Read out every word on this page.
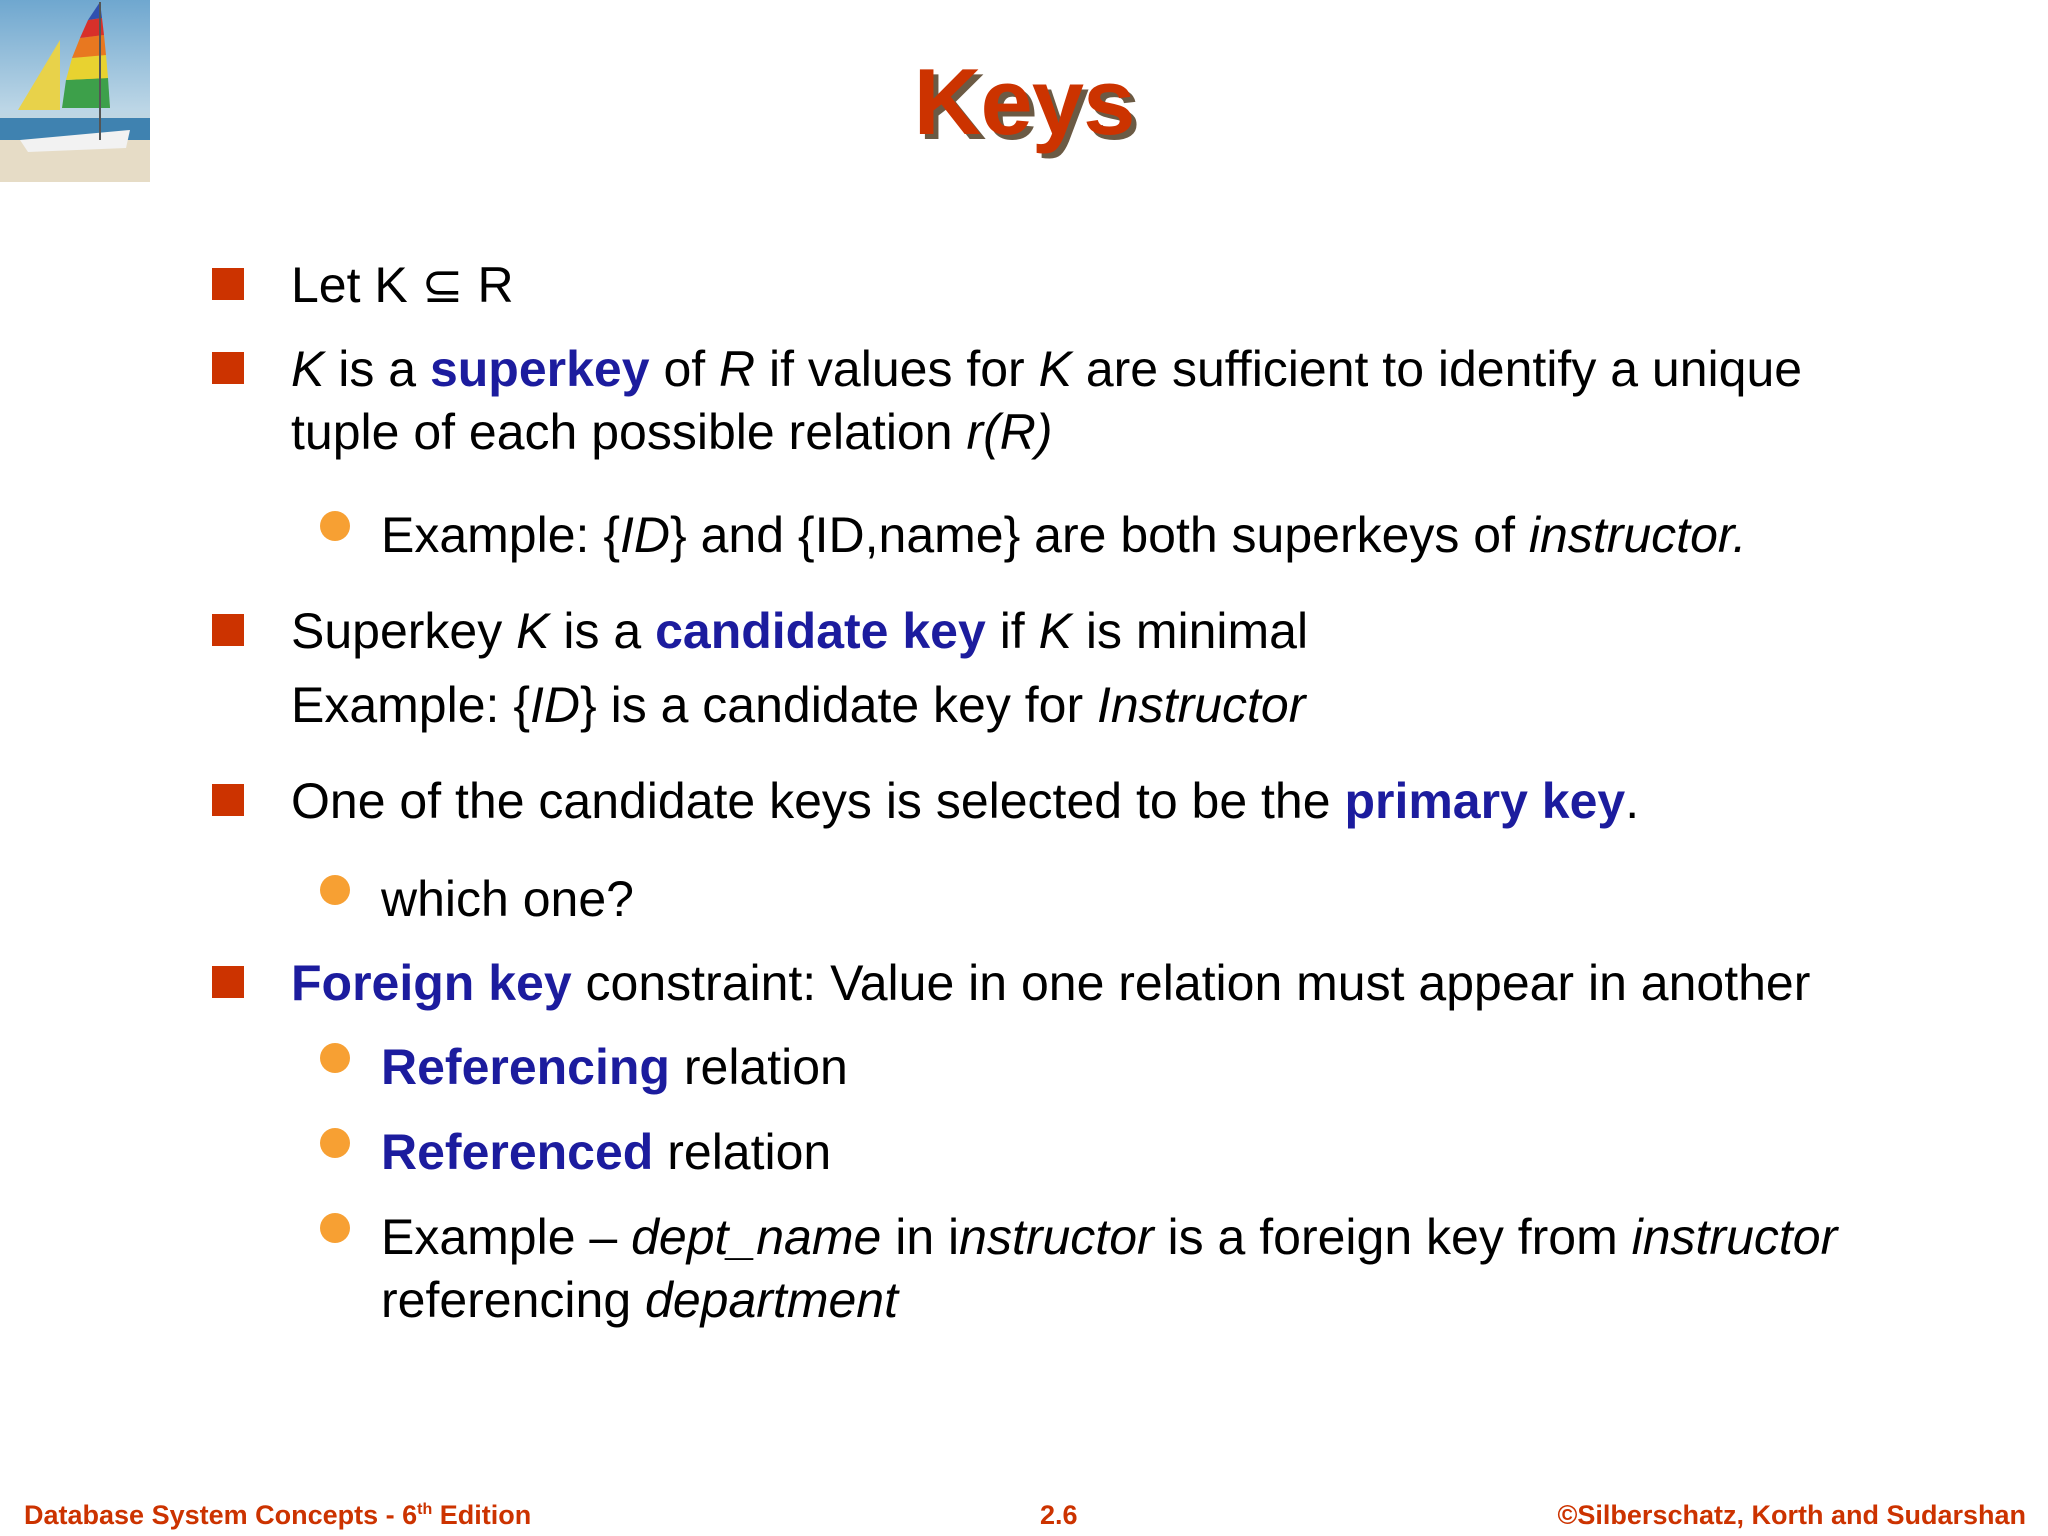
Keys
Let K ⊆ R
K is a superkey of R if values for K are sufficient to identify a unique
tuple of each possible relation r(R)
Example: {ID} and {ID,name} are both superkeys of instructor.
Superkey K is a candidate key if K is minimal
Example: {ID} is a candidate key for Instructor
One of the candidate keys is selected to be the primary key.
which one?
Foreign key constraint: Value in one relation must appear in another
Referencing relation
Referenced relation
Example – dept_name in instructor is a foreign key from instructor
referencing department
Database System Concepts - 6th Edition	2.6	©Silberschatz, Korth and Sudarshan
